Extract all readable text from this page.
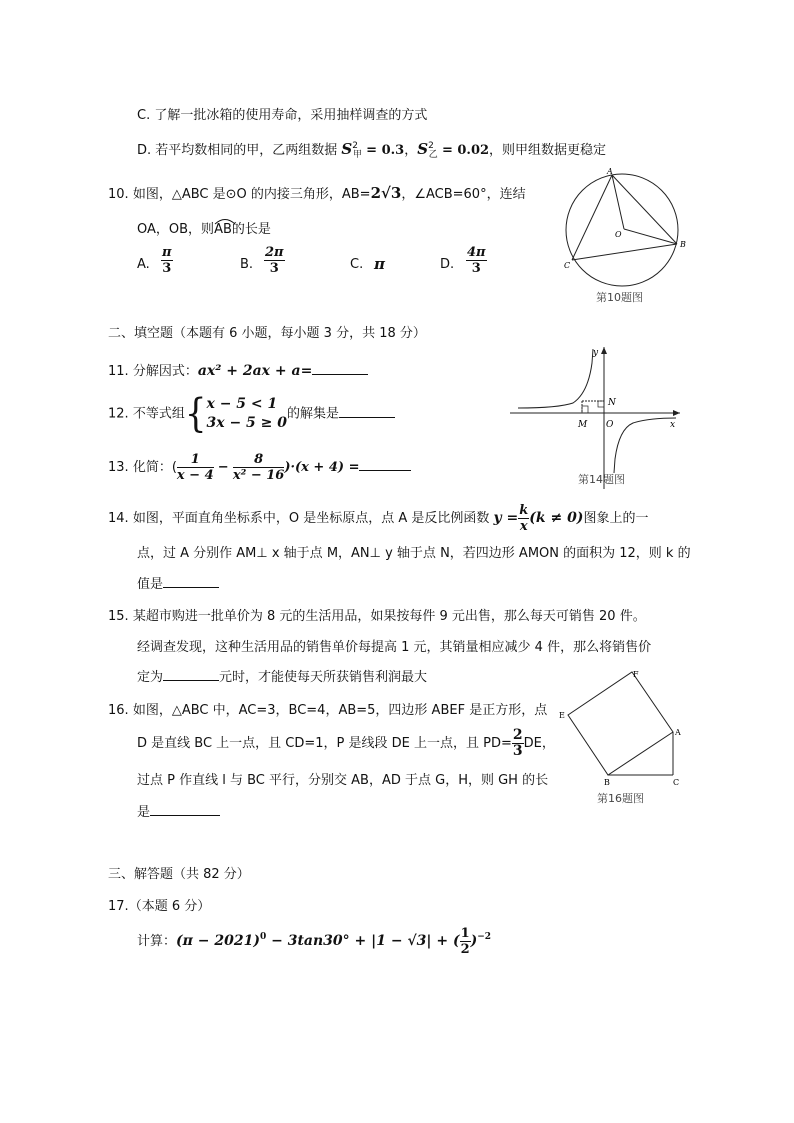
C. 了解一批冰箱的使用寿命，采用抽样调查的方式
D. 若平均数相同的甲，乙两组数据 $S^2_甲 = 0.3$，$S^2_乙 = 0.02$，则甲组数据更稳定
10. 如图，△ABC 是⊙O 的内接三角形，AB=2√3，∠ACB=60°，连结
OA，OB，则
AB的长是
A. $\frac{\pi}{3}$	B. $\frac{2\pi}{3}$	C. π	D. $\frac{4\pi}{3}$
A
B
C
O
第10题图
二、填空题（本题有 6 小题，每小题 3 分，共 18 分）
11. 分解因式：ax² + 2ax + a=
12. 不等式组{ x − 5 < 1
3x − 5 ≥ 0
的解集是
13. 化简：( $\frac{1}{x - 4} - \frac{8}{\text{x² − 16}} )\cdot(x + 4)$ =
y
x
O
M
N
第14题图
14. 如图，平面直角坐标系中，O 是坐标原点，点 A 是反比例函数 $y = \frac{k}{x} (k \ne 0)$图象上的一
点，过 A 分别作 AM⊥ x 轴于点 M，AN⊥ y 轴于点 N，若四边形 AMON 的面积为 12，则 k 的
值是
15. 某超市购进一批单价为 8 元的生活用品，如果按每件 9 元出售，那么每天可销售 20 件。
经调查发现，这种生活用品的销售单价每提高 1 元，其销量相应减少 4 件，那么将销售价
定为	元时，才能使每天所获销售利润最大
16. 如图，△ABC 中，AC=3，BC=4，AB=5，四边形 ABEF 是正方形，点
D 是直线 BC 上一点，且 CD=1，P 是线段 DE 上一点，且 $PD= \frac{2}{3}$ DE，
过点 P 作直线 l 与 BC 平行，分别交 AB，AD 于点 G，H，则 GH 的长
是
F
E
A
B	C
第16题图
三、解答题（共 82 分）
17.（本题 6 分）
计算：$(\pi - 2021)^0 - 3\tan 30^\circ + |1 - √3|$ + ( $\frac{1}{2} )^{-2}$
